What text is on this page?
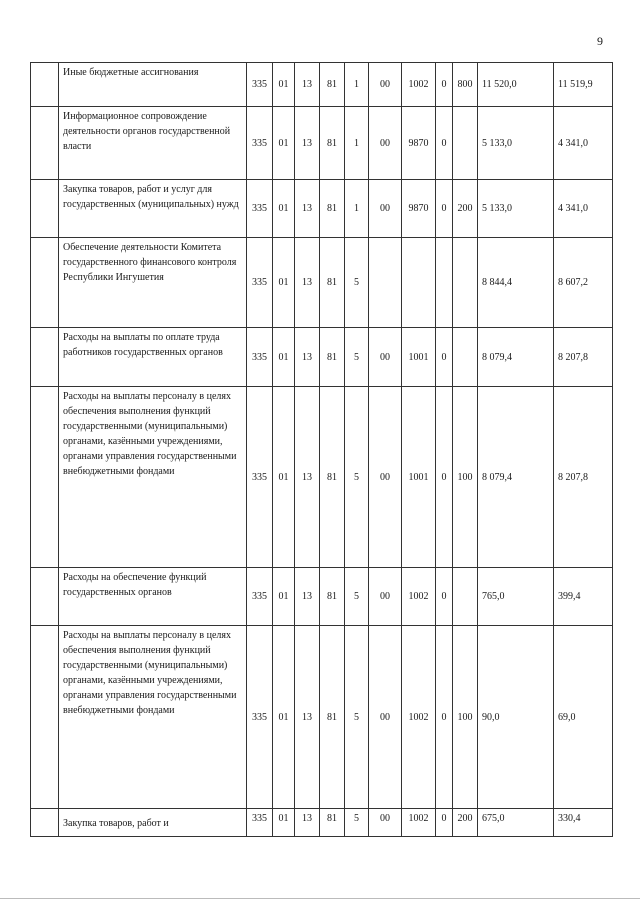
9
	Иные бюджетные ассигнования	335	01	13	81	1	00	1002	0	800	11 520,0	11 519,9
	Информационное сопровождение деятельности органов государственной власти	335	01	13	81	1	00	9870	0		5 133,0	4 341,0
	Закупка товаров, работ и услуг для государственных (муниципальных) нужд	335	01	13	81	1	00	9870	0	200	5 133,0	4 341,0
	Обеспечение деятельности Комитета государственного финансового контроля Республики Ингушетия	335	01	13	81	5					8 844,4	8 607,2
	Расходы на выплаты по оплате труда работников государственных органов	335	01	13	81	5	00	1001	0		8 079,4	8 207,8
	Расходы на выплаты персоналу в целях обеспечения выполнения функций государственными (муниципальными) органами, казёнными учреждениями, органами управления государственными внебюджетными фондами	335	01	13	81	5	00	1001	0	100	8 079,4	8 207,8
	Расходы на обеспечение функций государственных органов	335	01	13	81	5	00	1002	0		765,0	399,4
	Расходы на выплаты персоналу в целях обеспечения выполнения функций государственными (муниципальными) органами, казёнными учреждениями, органами управления государственными внебюджетными фондами	335	01	13	81	5	00	1002	0	100	90,0	69,0
	Закупка товаров, работ и	335	01	13	81	5	00	1002	0	200	675,0	330,4
